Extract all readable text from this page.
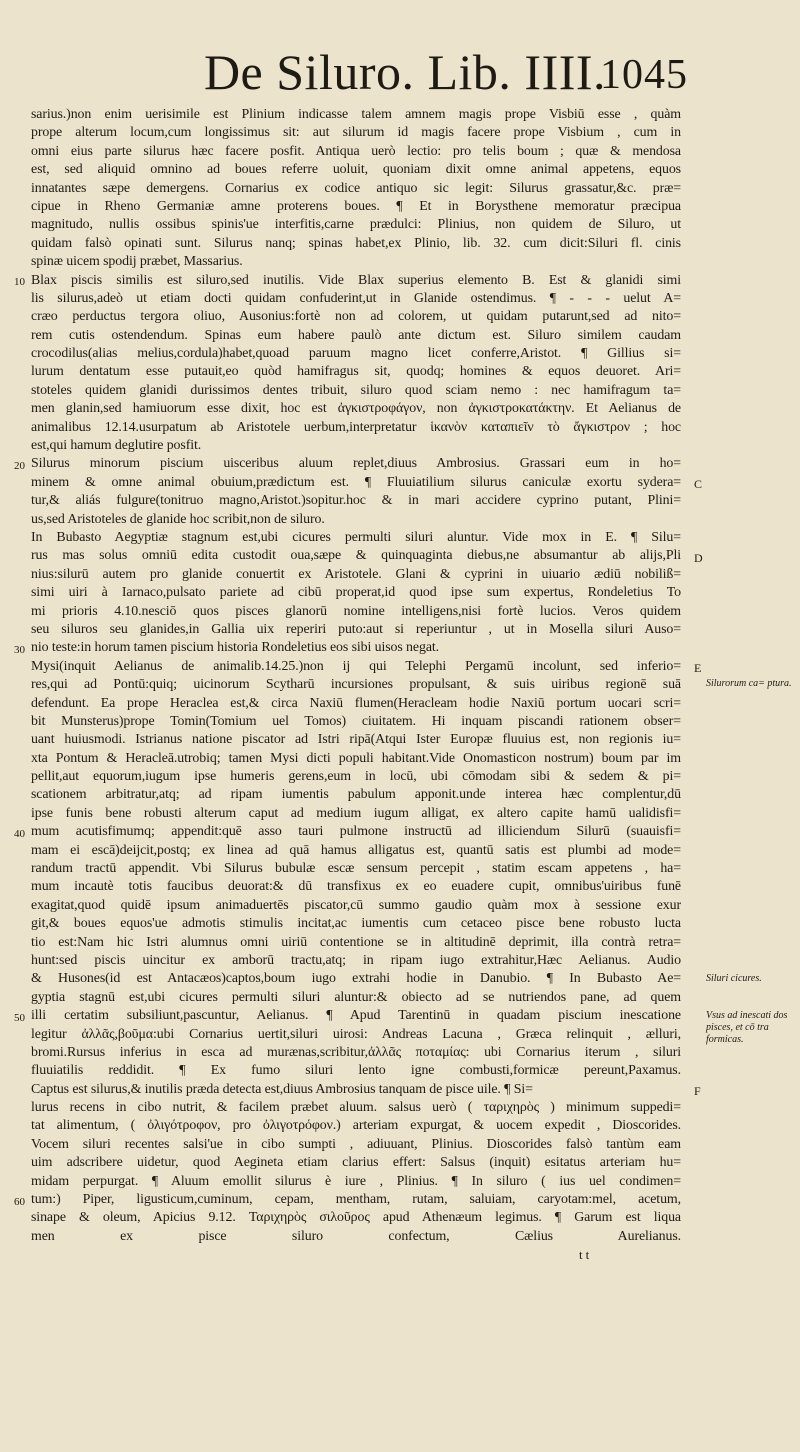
De Siluro. Lib. IIII.
1045
sarius.)non enim uerisimile est Plinium indicasse talem amnem magis prope Visbiū esse , quàm
prope alterum locum,cum longissimus sit: aut silurum id magis facere prope Visbium , cum in
omni eius parte silurus hæc facere posfit. Antiqua uerò lectio: pro telis boum ; quæ & mendosa
est, sed aliquid omnino ad boues referre uoluit, quoniam dixit omne animal appetens, equos
innatantes sæpe demergens. Cornarius ex codice antiquo sic legit: Silurus grassatur,&c. præ=
cipue in Rheno Germaniæ amne proterens boues. ¶ Et in Borysthene memoratur præcipua
magnitudo, nullis ossibus spinis'ue interfitis,carne prædulci: Plinius, non quidem de Siluro, ut
quidam falsò opinati sunt. Silurus nanq; spinas habet,ex Plinio, lib. 32. cum dicit:Siluri fl. cinis
spinæ uicem spodij præbet, Massarius.
Blax piscis similis est siluro,sed inutilis. Vide Blax superius elemento B. Est & glanidi simi
lis silurus,adeò ut etiam docti quidam confuderint,ut in Glanide ostendimus. ¶ - - - uelut A=
cræo perductus tergora oliuo, Ausonius:fortè non ad colorem, ut quidam putarunt,sed ad nito=
rem cutis ostendendum. Spinas eum habere paulò ante dictum est. Siluro similem caudam
crocodilus(alias melius,cordula)habet,quoad paruum magno licet conferre,Aristot. ¶ Gillius si=
lurum dentatum esse putauit,eo quòd hamifragus sit, quodq; homines & equos deuoret. Ari=
stoteles quidem glanidi durissimos dentes tribuit, siluro quod sciam nemo : nec hamifragum ta=
men glanin,sed hamiuorum esse dixit, hoc est ἀγκιστροφάγον, non ἀγκιστροκατάκτην. Et Aelianus de
animalibus 12.14.usurpatum ab Aristotele uerbum,interpretatur ἱκανὸν καταπιεῖν τὸ ἄγκιστρον ; hoc
est,qui hamum deglutire posfit.
Silurus minorum piscium uisceribus aluum replet,diuus Ambrosius. Grassari eum in ho=
minem & omne animal obuium,prædictum est. ¶ Fluuiatilium silurus caniculæ exortu sydera=
tur,& aliás fulgure(tonitruo magno,Aristot.)sopitur.hoc & in mari accidere cyprino putant, Plini=
us,sed Aristoteles de glanide hoc scribit,non de siluro.
In Bubasto Aegyptiæ stagnum est,ubi cicures permulti siluri aluntur. Vide mox in E. ¶ Silu=
rus mas solus omniū edita custodit oua,sæpe & quinquaginta diebus,ne absumantur ab alijs,Pli
nius:silurū autem pro glanide conuertit ex Aristotele. Glani & cyprini in uiuario ædiū nobiliß=
simi uiri à Iarnaco,pulsato pariete ad cibū properat,id quod ipse sum expertus, Rondeletius To
mi prioris 4.10.nesciō quos pisces glanorū nomine intelligens,nisi fortè lucios. Veros quidem
seu siluros seu glanides,in Gallia uix reperiri puto:aut si reperiuntur , ut in Mosella siluri Auso=
nio teste:in horum tamen piscium historia Rondeletius eos sibi uisos negat.
Mysi(inquit Aelianus de animalib.14.25.)non ij qui Telephi Pergamū incolunt, sed inferio=
res,qui ad Pontū:quiq; uicinorum Scytharū incursiones propulsant, & suis uiribus regionē suā
defendunt. Ea prope Heraclea est,& circa Naxiū flumen(Heracleam hodie Naxiū portum uocari scri=
bit Munsterus)prope Tomin(Tomium uel Tomos) ciuitatem. Hi inquam piscandi rationem obser=
uant huiusmodi. Istrianus natione piscator ad Istri ripā(Atqui Ister Europæ fluuius est, non regionis iu=
xta Pontum & Heracleā.utrobiq; tamen Mysi dicti populi habitant.Vide Onomasticon nostrum) boum par im
pellit,aut equorum,iugum ipse humeris gerens,eum in locū, ubi cōmodam sibi & sedem & pi=
scationem arbitratur,atq; ad ripam iumentis pabulum apponit.unde interea hæc complentur,dū
ipse funis bene robusti alterum caput ad medium iugum alligat, ex altero capite hamū ualidisfi=
mum acutisfimumq; appendit:quē asso tauri pulmone instructū ad illiciendum Silurū (suauisfi=
mam ei escā)deijcit,postq; ex linea ad quā hamus alligatus est, quantū satis est plumbi ad mode=
randum tractū appendit. Vbi Silurus bubulæ escæ sensum percepit , statim escam appetens , ha=
mum incautè totis faucibus deuorat:& dū transfixus ex eo euadere cupit, omnibus'uiribus funē
exagitat,quod quidē ipsum animaduertēs piscator,cū summo gaudio quàm mox à sessione exur
git,& boues equos'ue admotis stimulis incitat,ac iumentis cum cetaceo pisce bene robusto lucta
tio est:Nam hic Istri alumnus omni uiriū contentione se in altitudinē deprimit, illa contrà retra=
hunt:sed piscis uincitur ex amborū tractu,atq; in ripam iugo extrahitur,Hæc Aelianus. Audio
& Husones(id est Antacæos)captos,boum iugo extrahi hodie in Danubio. ¶ In Bubasto Ae=
gyptia stagnū est,ubi cicures permulti siluri aluntur:& obiecto ad se nutriendos pane, ad quem
illi certatim subsiliunt,pascuntur, Aelianus. ¶ Apud Tarentinū in quadam piscium inescatione
legitur ἀλλᾶς,βοῦμα:ubi Cornarius uertit,siluri uirosi: Andreas Lacuna , Græca relinquit , ælluri,
bromi.Rursus inferius in esca ad murænas,scribitur,ἀλλᾶς ποταμίας: ubi Cornarius iterum , siluri
fluuiatilis reddidit. ¶ Ex fumo siluri lento igne combusti,formicæ pereunt,Paxamus.
Captus est silurus,& inutilis præda detecta est,diuus Ambrosius tanquam de pisce uile. ¶ Si=
lurus recens in cibo nutrit, & facilem præbet aluum. salsus uerò ( ταριχηρὸς ) minimum suppedi=
tat alimentum, ( ὀλιγότροφον, pro ὀλιγοτρόφον.) arteriam expurgat, & uocem expedit , Dioscorides.
Vocem siluri recentes salsi'ue in cibo sumpti , adiuuant, Plinius. Dioscorides falsò tantùm eam
uim adscribere uidetur, quod Aegineta etiam clarius effert: Salsus (inquit) esitatus arteriam hu=
midam perpurgat. ¶ Aluum emollit silurus è iure , Plinius. ¶ In siluro ( ius uel condimen=
tum:) Piper, ligusticum,cuminum, cepam, mentham, rutam, saluiam, caryotam:mel, acetum,
sinape & oleum, Apicius 9.12. Ταριχηρὸς σιλοῦρος apud Athenæum legimus. ¶ Garum est liqua
men ex pisce siluro confectum, Cælius Aurelianus.
t t
10
20
30
40
50
60
C
D
E
F
Silurorum ca= ptura.
Siluri cicures.
Vsus ad inescati dos pisces, et cō tra formicas.
